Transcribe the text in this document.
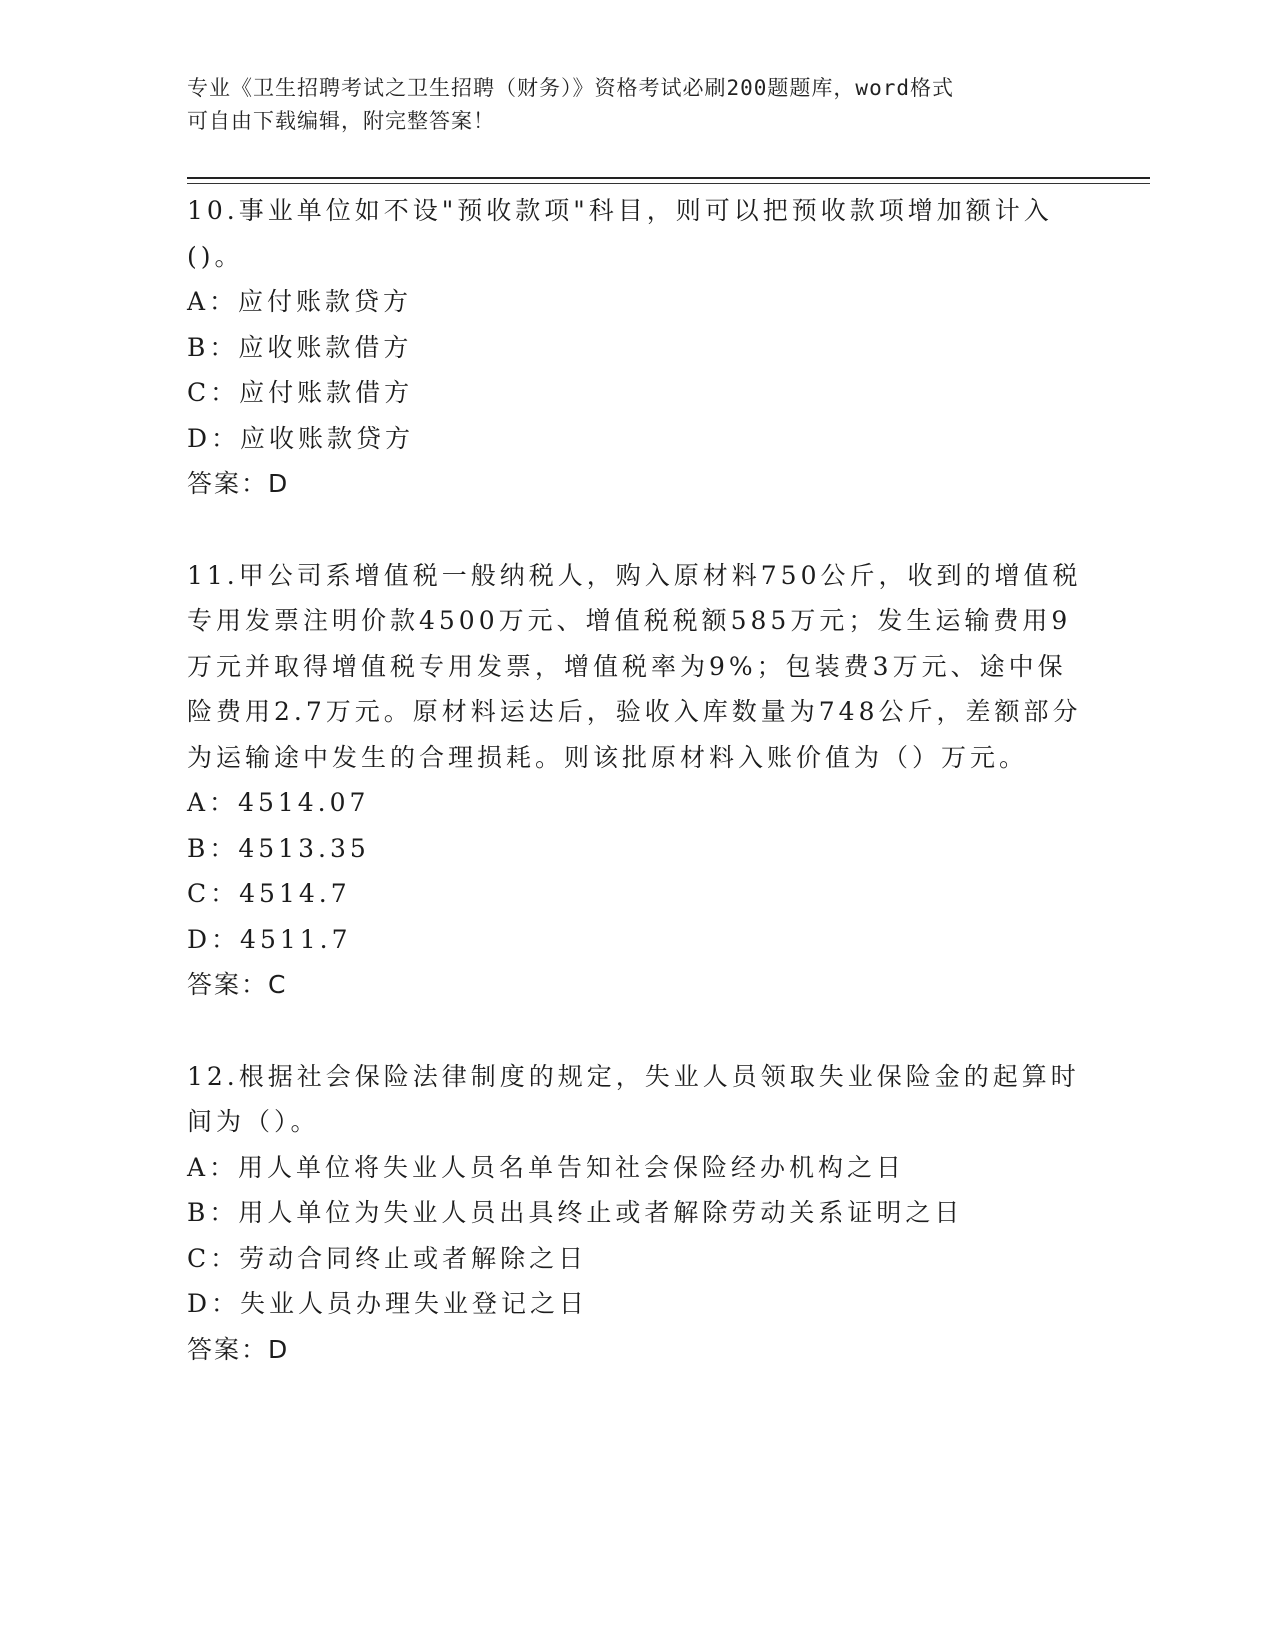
专业《卫生招聘考试之卫生招聘（财务）》资格考试必刷200题题库，word格式
可自由下载编辑，附完整答案！

10.事业单位如不设"预收款项"科目，则可以把预收款项增加额计入()。

A：应付账款贷方

B：应收账款借方

C：应付账款借方

D：应收账款贷方

答案：D

11.甲公司系增值税一般纳税人，购入原材料750公斤，收到的增值税专用发票注明价款4500万元、增值税税额585万元；发生运输费用9万元并取得增值税专用发票，增值税率为9%；包装费3万元、途中保险费用2.7万元。原材料运达后，验收入库数量为748公斤，差额部分为运输途中发生的合理损耗。则该批原材料入账价值为（）万元。

A：4514.07

B：4513.35

C：4514.7

D：4511.7

答案：C

12.根据社会保险法律制度的规定，失业人员领取失业保险金的起算时间为（）。

A：用人单位将失业人员名单告知社会保险经办机构之日

B：用人单位为失业人员出具终止或者解除劳动关系证明之日

C：劳动合同终止或者解除之日

D：失业人员办理失业登记之日

答案：D
